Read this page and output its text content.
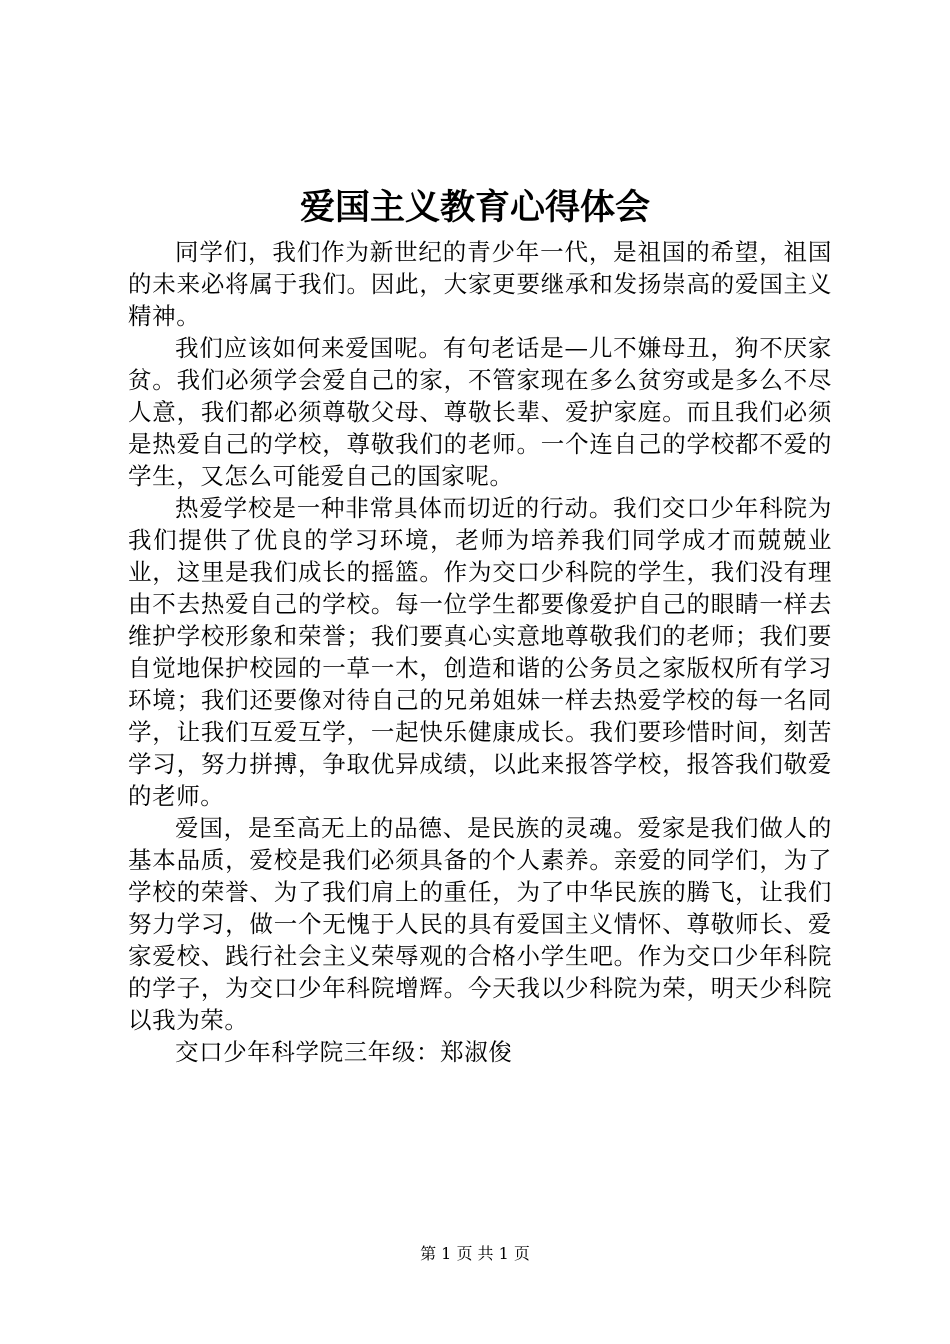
爱国主义教育心得体会

同学们，我们作为新世纪的青少年一代，是祖国的希望，祖国的未来必将属于我们。因此，大家更要继承和发扬崇高的爱国主义精神。

我们应该如何来爱国呢。有句老话是—儿不嫌母丑，狗不厌家贫。我们必须学会爱自己的家，不管家现在多么贫穷或是多么不尽人意，我们都必须尊敬父母、尊敬长辈、爱护家庭。而且我们必须是热爱自己的学校，尊敬我们的老师。一个连自己的学校都不爱的学生，又怎么可能爱自己的国家呢。

热爱学校是一种非常具体而切近的行动。我们交口少年科院为我们提供了优良的学习环境，老师为培养我们同学成才而兢兢业业，这里是我们成长的摇篮。作为交口少科院的学生，我们没有理由不去热爱自己的学校。每一位学生都要像爱护自己的眼睛一样去维护学校形象和荣誉；我们要真心实意地尊敬我们的老师；我们要自觉地保护校园的一草一木，创造和谐的公务员之家版权所有学习环境；我们还要像对待自己的兄弟姐妹一样去热爱学校的每一名同学，让我们互爱互学，一起快乐健康成长。我们要珍惜时间，刻苦学习，努力拼搏，争取优异成绩，以此来报答学校，报答我们敬爱的老师。

爱国，是至高无上的品德、是民族的灵魂。爱家是我们做人的基本品质，爱校是我们必须具备的个人素养。亲爱的同学们，为了学校的荣誉、为了我们肩上的重任，为了中华民族的腾飞，让我们努力学习，做一个无愧于人民的具有爱国主义情怀、尊敬师长、爱家爱校、践行社会主义荣辱观的合格小学生吧。作为交口少年科院的学子，为交口少年科院增辉。今天我以少科院为荣，明天少科院以我为荣。

交口少年科学院三年级：郑淑俊

第 1 页 共 1 页
